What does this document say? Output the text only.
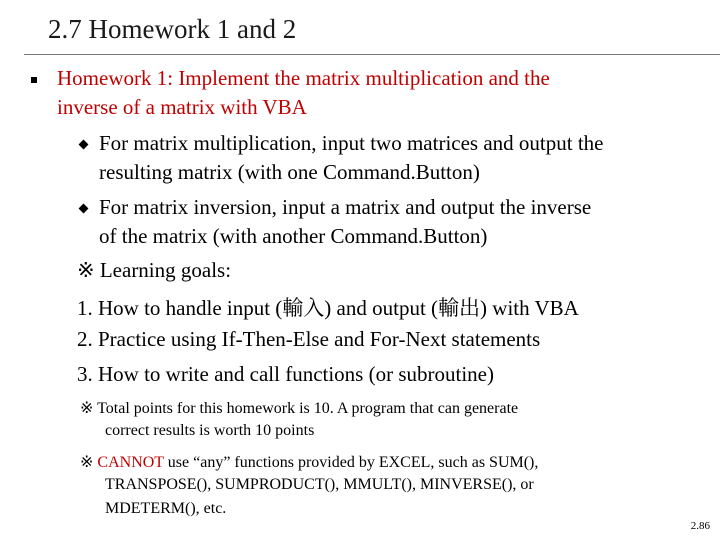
2.7 Homework 1 and 2
Homework 1: Implement the matrix multiplication and the
inverse of a matrix with VBA
For matrix multiplication, input two matrices and output the
resulting matrix (with one Command.Button)
For matrix inversion, input a matrix and output the inverse
of the matrix (with another Command.Button)
※ Learning goals:
1. How to handle input (輸入) and output (輸出) with VBA
2. Practice using If-Then-Else and For-Next statements
3. How to write and call functions (or subroutine)
※ Total points for this homework is 10. A program that can generate
correct results is worth 10 points
※ CANNOT use “any” functions provided by EXCEL, such as SUM(),
TRANSPOSE(), SUMPRODUCT(), MMULT(), MINVERSE(), or
MDETERM(), etc.
2.86
